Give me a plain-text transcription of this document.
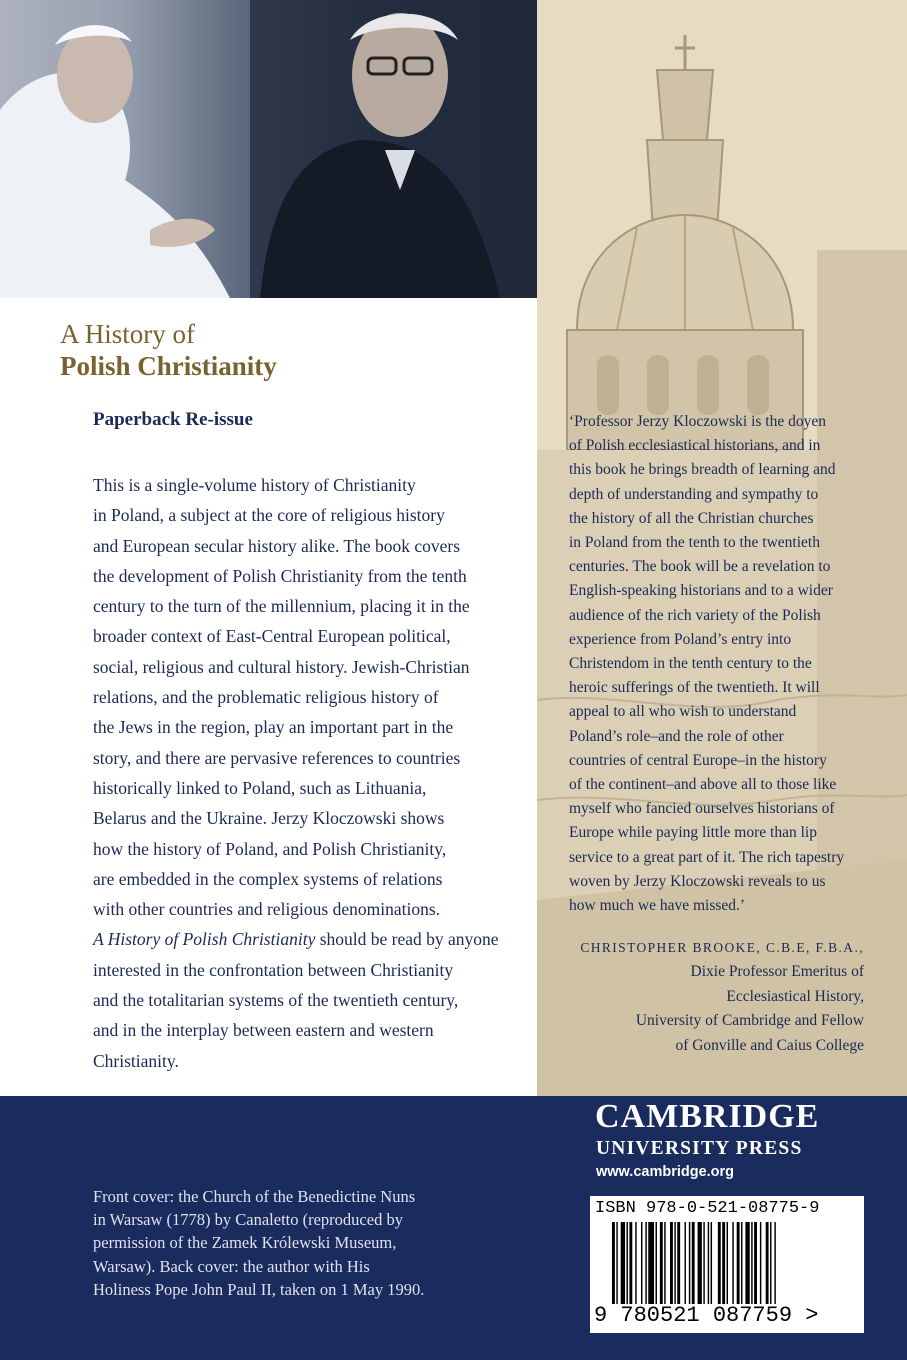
A History of
Polish Christianity
Paperback Re-issue
This is a single-volume history of Christianity
in Poland, a subject at the core of religious history
and European secular history alike. The book covers
the development of Polish Christianity from the tenth
century to the turn of the millennium, placing it in the
broader context of East-Central European political,
social, religious and cultural history. Jewish-Christian
relations, and the problematic religious history of
the Jews in the region, play an important part in the
story, and there are pervasive references to countries
historically linked to Poland, such as Lithuania,
Belarus and the Ukraine. Jerzy Kloczowski shows
how the history of Poland, and Polish Christianity,
are embedded in the complex systems of relations
with other countries and religious denominations.
A History of Polish Christianity should be read by anyone
interested in the confrontation between Christianity
and the totalitarian systems of the twentieth century,
and in the interplay between eastern and western
Christianity.
‘Professor Jerzy Kloczowski is the doyen
of Polish ecclesiastical historians, and in
this book he brings breadth of learning and
depth of understanding and sympathy to
the history of all the Christian churches
in Poland from the tenth to the twentieth
centuries. The book will be a revelation to
English-speaking historians and to a wider
audience of the rich variety of the Polish
experience from Poland’s entry into
Christendom in the tenth century to the
heroic sufferings of the twentieth. It will
appeal to all who wish to understand
Poland’s role–and the role of other
countries of central Europe–in the history
of the continent–and above all to those like
myself who fancied ourselves historians of
Europe while paying little more than lip
service to a great part of it. The rich tapestry
woven by Jerzy Kloczowski reveals to us
how much we have missed.’
CHRISTOPHER BROOKE, C.B.E, F.B.A.,
Dixie Professor Emeritus of
Ecclesiastical History,
University of Cambridge and Fellow
of Gonville and Caius College
Front cover: the Church of the Benedictine Nuns
in Warsaw (1778) by Canaletto (reproduced by
permission of the Zamek Królewski Museum,
Warsaw). Back cover: the author with His
Holiness Pope John Paul II, taken on 1 May 1990.
CAMBRIDGE
UNIVERSITY PRESS
www.cambridge.org
ISBN 978-0-521-08775-9
9 780521 087759 >
